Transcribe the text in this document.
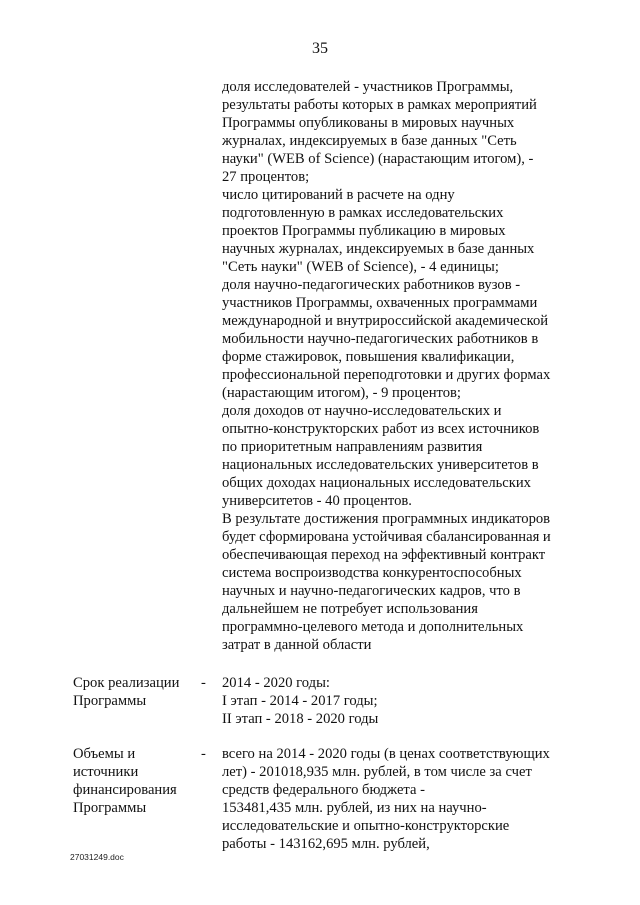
35
доля исследователей - участников Программы,
результаты работы которых в рамках мероприятий
Программы опубликованы в мировых научных
журналах, индексируемых в базе данных "Сеть
науки" (WEB of Science) (нарастающим итогом), -
27 процентов;
число цитирований в расчете на одну
подготовленную в рамках исследовательских
проектов Программы публикацию в мировых
научных журналах, индексируемых в базе данных
"Сеть науки" (WEB of Science), - 4 единицы;
доля научно-педагогических работников вузов -
участников Программы, охваченных программами
международной и внутрироссийской академической
мобильности научно-педагогических работников в
форме стажировок, повышения квалификации,
профессиональной переподготовки и других формах
(нарастающим итогом), - 9 процентов;
доля доходов от научно-исследовательских и
опытно-конструкторских работ из всех источников
по приоритетным направлениям развития
национальных исследовательских университетов в
общих доходах национальных исследовательских
университетов - 40 процентов.
В результате достижения программных индикаторов
будет сформирована устойчивая сбалансированная и
обеспечивающая переход на эффективный контракт
система воспроизводства конкурентоспособных
научных и научно-педагогических кадров, что в
дальнейшем не потребует использования
программно-целевого метода и дополнительных
затрат в данной области
Срок реализации
Программы
- 2014 - 2020 годы:
I этап - 2014 - 2017 годы;
II этап - 2018 - 2020 годы
Объемы и
источники
финансирования
Программы
- всего на 2014 - 2020 годы (в ценах соответствующих
лет) - 201018,935 млн. рублей, в том числе за счет
средств федерального бюджета -
153481,435 млн. рублей, из них на научно-
исследовательские и опытно-конструкторские
работы - 143162,695 млн. рублей,
27031249.doc
